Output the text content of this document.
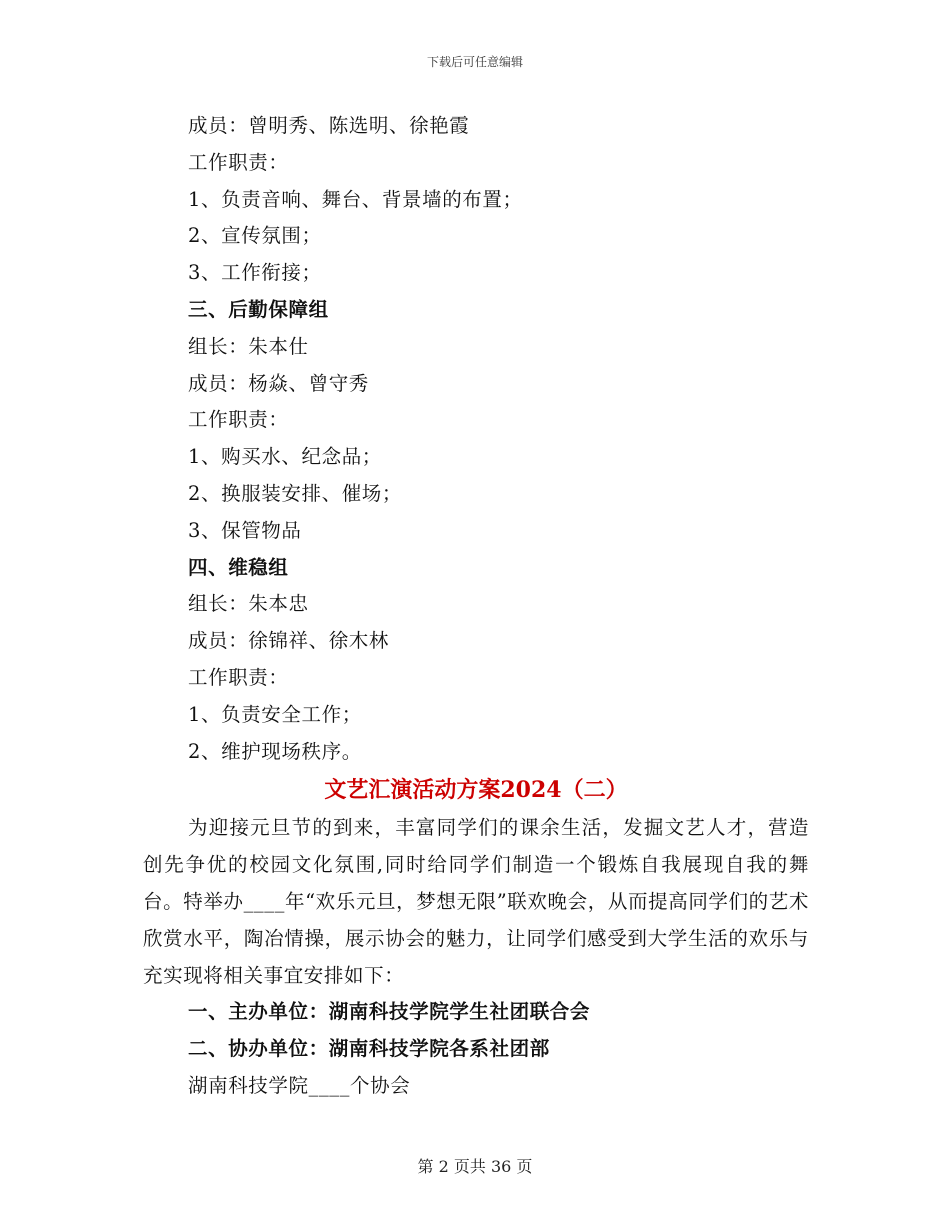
下载后可任意编辑
成员：曾明秀、陈选明、徐艳霞
工作职责：
1、负责音响、舞台、背景墙的布置；
2、宣传氛围；
3、工作衔接；
三、后勤保障组
组长：朱本仕
成员：杨焱、曾守秀
工作职责：
1、购买水、纪念品；
2、换服装安排、催场；
3、保管物品
四、维稳组
组长：朱本忠
成员：徐锦祥、徐木林
工作职责：
1、负责安全工作；
2、维护现场秩序。
文艺汇演活动方案2024（二）

为迎接元旦节的到来，丰富同学们的课余生活，发掘文艺人才，营造创先争优的校园文化氛围,同时给同学们制造一个锻炼自我展现自我的舞台。特举办____年“欢乐元旦，梦想无限”联欢晚会，从而提高同学们的艺术欣赏水平，陶冶情操，展示协会的魅力，让同学们感受到大学生活的欢乐与充实现将相关事宜安排如下：

一、主办单位：湖南科技学院学生社团联合会
二、协办单位：湖南科技学院各系社团部
湖南科技学院____个协会
第 2 页共 36 页
